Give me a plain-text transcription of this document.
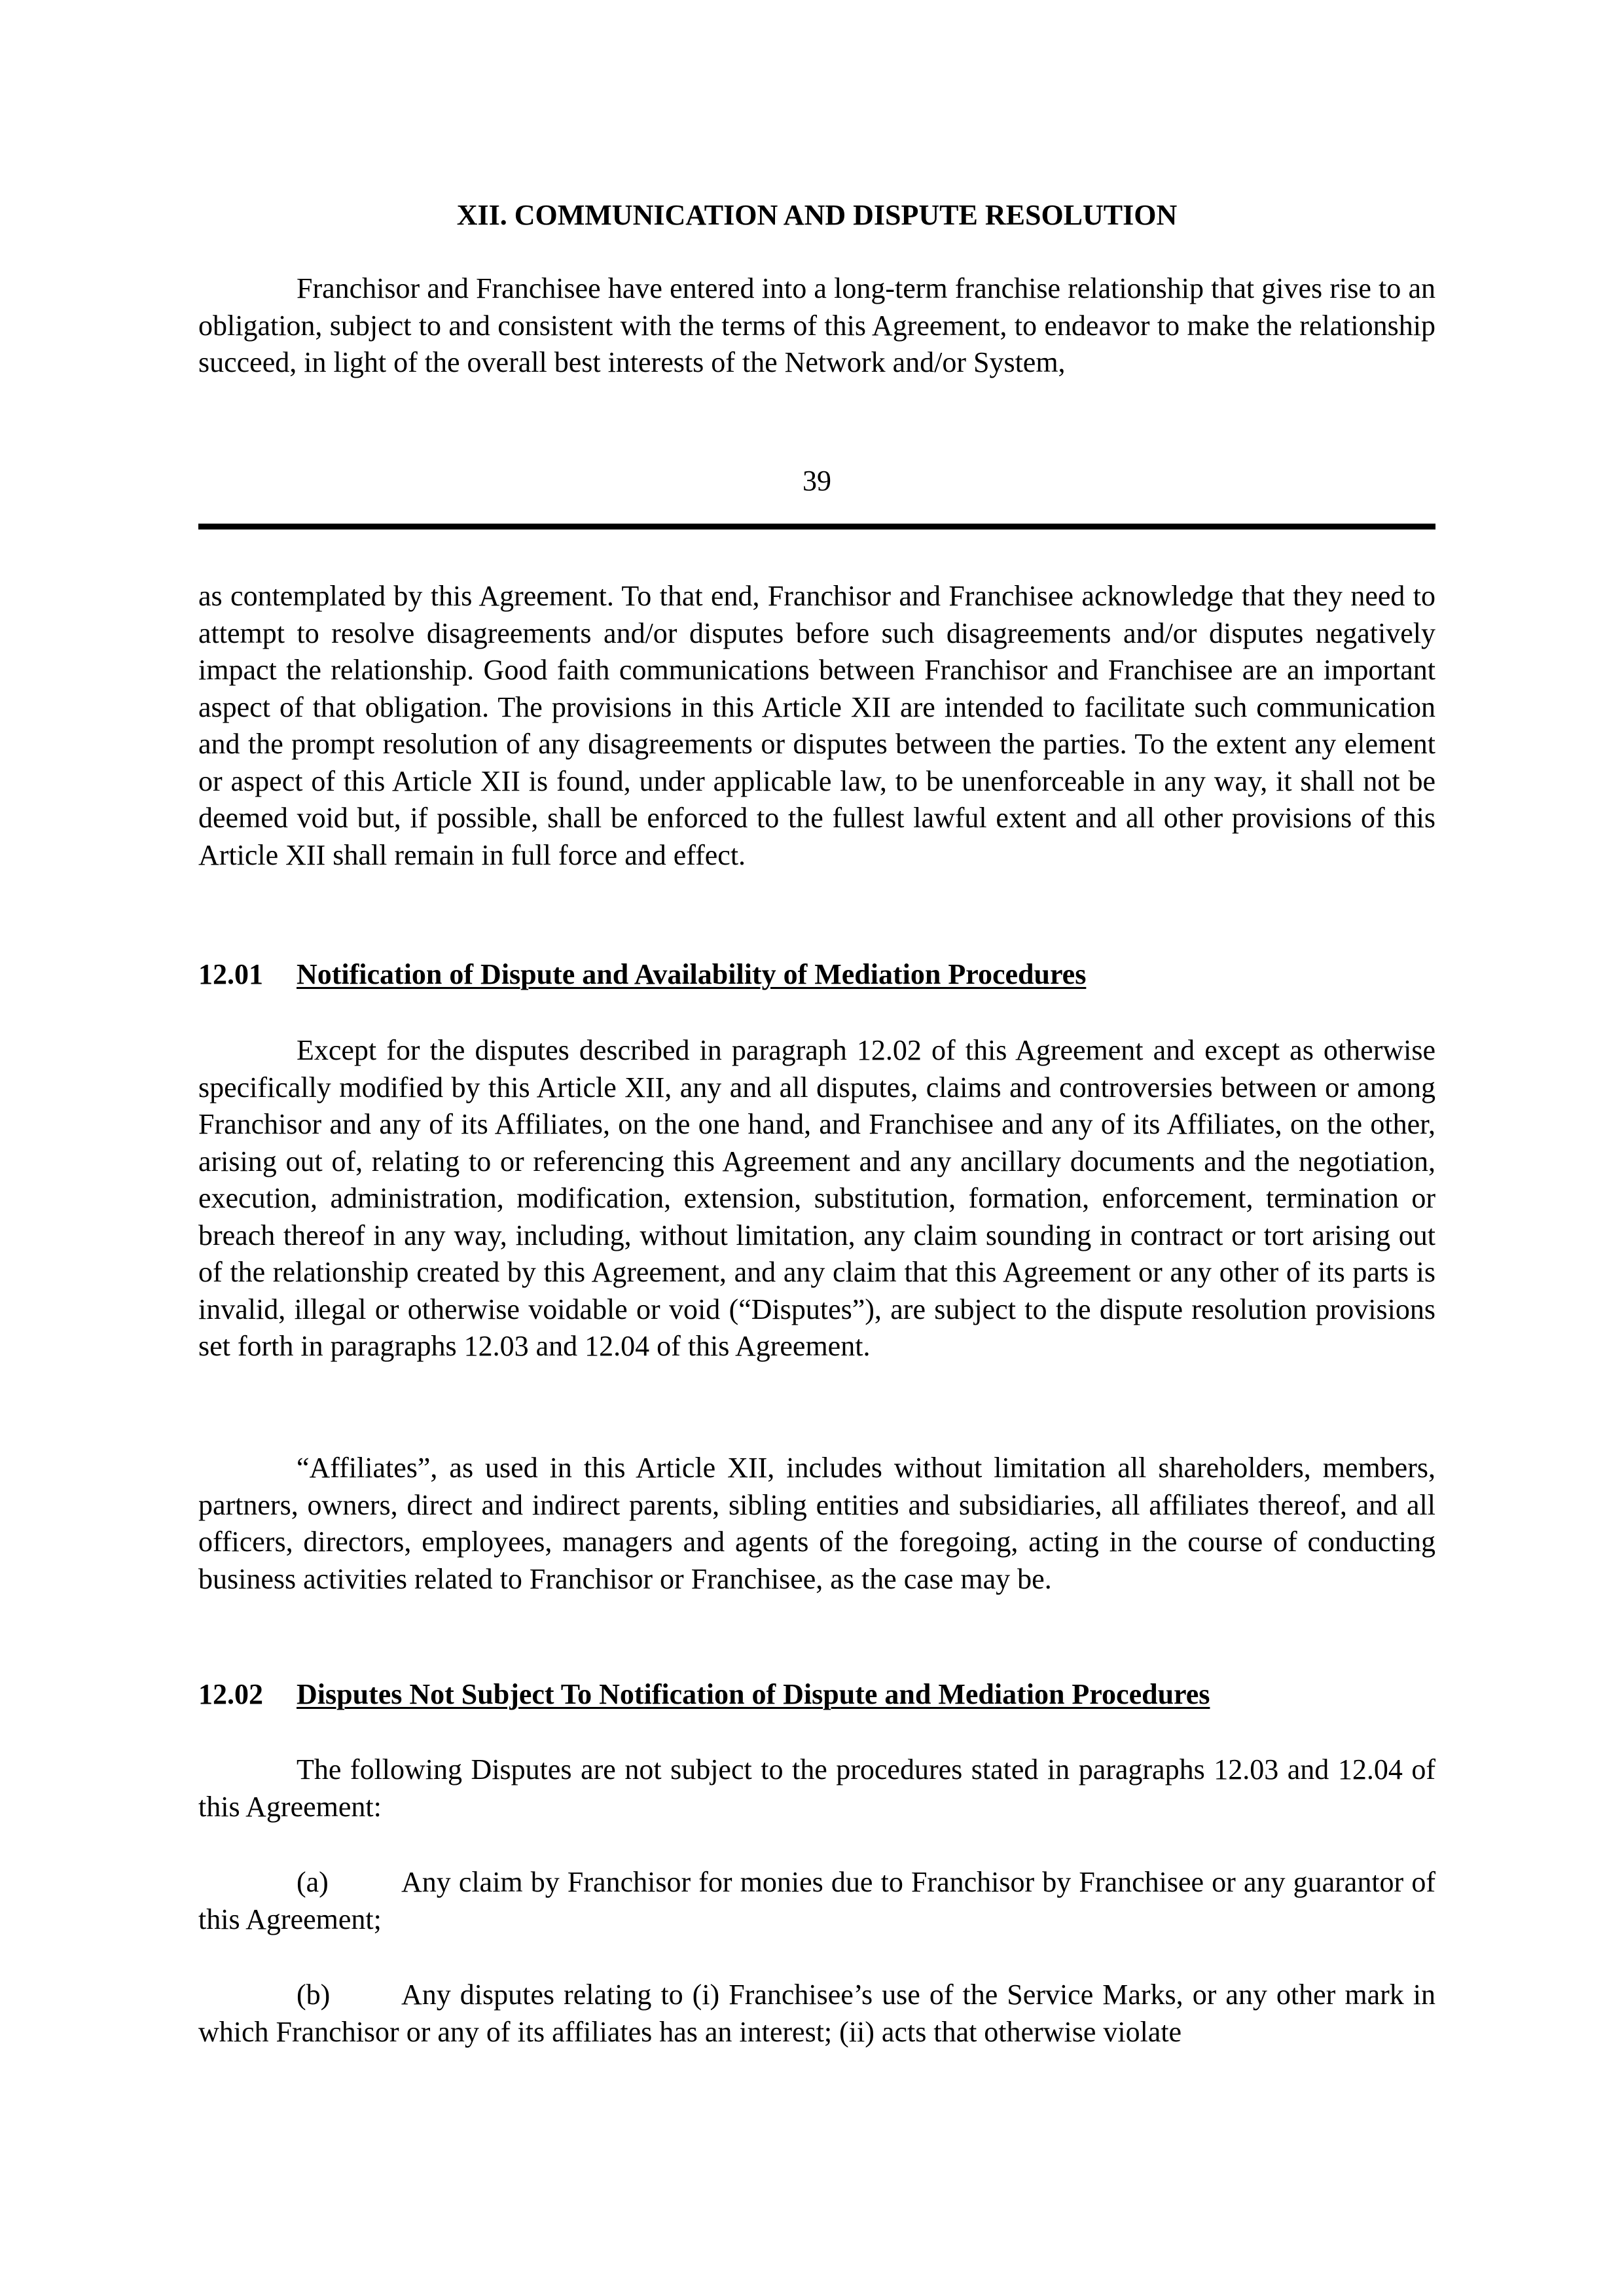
XII. COMMUNICATION AND DISPUTE RESOLUTION

Franchisor and Franchisee have entered into a long-term franchise relationship that gives rise to an obligation, subject to and consistent with the terms of this Agreement, to endeavor to make the relationship succeed, in light of the overall best interests of the Network and/or System,

39

as contemplated by this Agreement. To that end, Franchisor and Franchisee acknowledge that they need to attempt to resolve disagreements and/or disputes before such disagreements and/or disputes negatively impact the relationship. Good faith communications between Franchisor and Franchisee are an important aspect of that obligation. The provisions in this Article XII are intended to facilitate such communication and the prompt resolution of any disagreements or disputes between the parties. To the extent any element or aspect of this Article XII is found, under applicable law, to be unenforceable in any way, it shall not be deemed void but, if possible, shall be enforced to the fullest lawful extent and all other provisions of this Article XII shall remain in full force and effect.

12.01 Notification of Dispute and Availability of Mediation Procedures

Except for the disputes described in paragraph 12.02 of this Agreement and except as otherwise specifically modified by this Article XII, any and all disputes, claims and controversies between or among Franchisor and any of its Affiliates, on the one hand, and Franchisee and any of its Affiliates, on the other, arising out of, relating to or referencing this Agreement and any ancillary documents and the negotiation, execution, administration, modification, extension, substitution, formation, enforcement, termination or breach thereof in any way, including, without limitation, any claim sounding in contract or tort arising out of the relationship created by this Agreement, and any claim that this Agreement or any other of its parts is invalid, illegal or otherwise voidable or void (“Disputes”), are subject to the dispute resolution provisions set forth in paragraphs 12.03 and 12.04 of this Agreement.

“Affiliates”, as used in this Article XII, includes without limitation all shareholders, members, partners, owners, direct and indirect parents, sibling entities and subsidiaries, all affiliates thereof, and all officers, directors, employees, managers and agents of the foregoing, acting in the course of conducting business activities related to Franchisor or Franchisee, as the case may be.

12.02 Disputes Not Subject To Notification of Dispute and Mediation Procedures

The following Disputes are not subject to the procedures stated in paragraphs 12.03 and 12.04 of this Agreement:

(a)	Any claim by Franchisor for monies due to Franchisor by Franchisee or any guarantor of this Agreement;

(b) Any disputes relating to (i) Franchisee’s use of the Service Marks, or any other mark in which Franchisor or any of its affiliates has an interest; (ii) acts that otherwise violate
